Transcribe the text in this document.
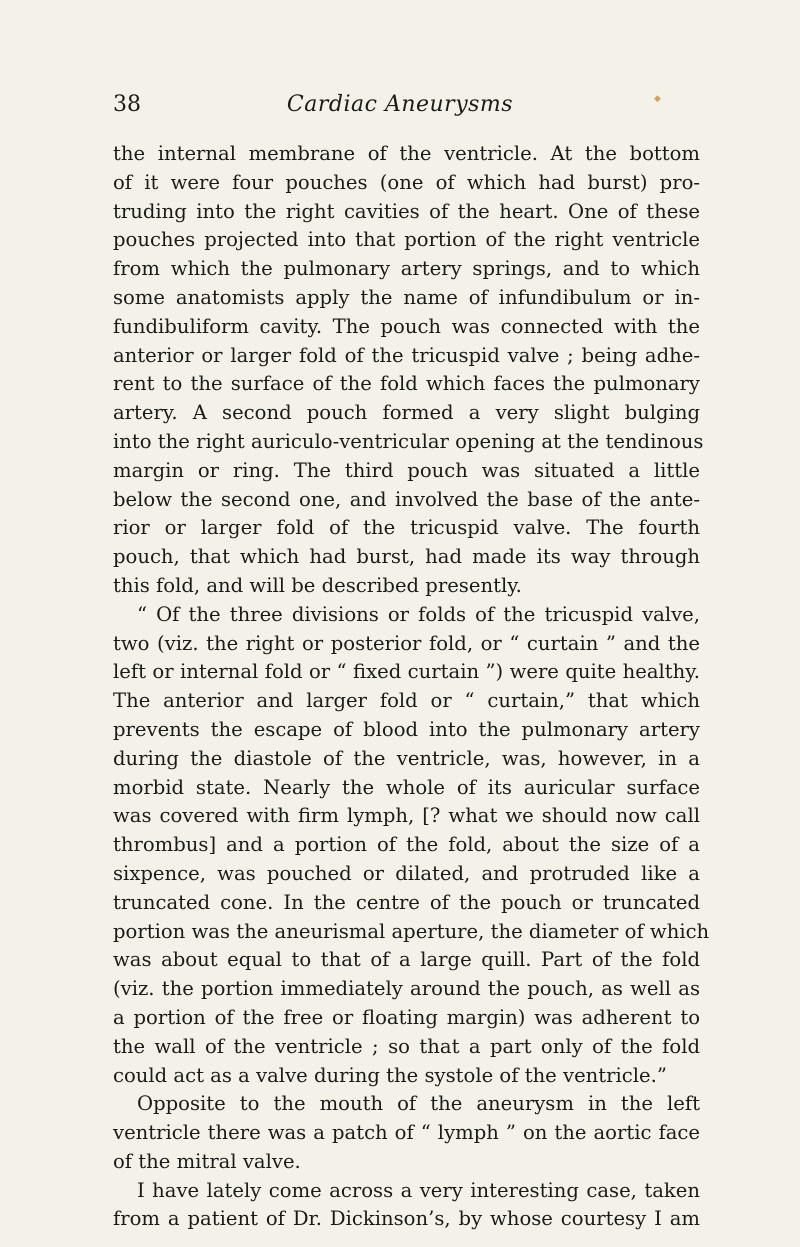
38	Cardiac Aneurysms	◆
the internal membrane of the ventricle. At the bottom
of it were four pouches (one of which had burst) pro-
truding into the right cavities of the heart. One of these
pouches projected into that portion of the right ventricle
from which the pulmonary artery springs, and to which
some anatomists apply the name of infundibulum or in-
fundibuliform cavity. The pouch was connected with the
anterior or larger fold of the tricuspid valve ; being adhe-
rent to the surface of the fold which faces the pulmonary
artery. A second pouch formed a very slight bulging
into the right auriculo-ventricular opening at the tendinous
margin or ring. The third pouch was situated a little
below the second one, and involved the base of the ante-
rior or larger fold of the tricuspid valve. The fourth
pouch, that which had burst, had made its way through
this fold, and will be described presently.
“ Of the three divisions or folds of the tricuspid valve,
two (viz. the right or posterior fold, or “ curtain ” and the
left or internal fold or “ fixed curtain ”) were quite healthy.
The anterior and larger fold or “ curtain,” that which
prevents the escape of blood into the pulmonary artery
during the diastole of the ventricle, was, however, in a
morbid state. Nearly the whole of its auricular surface
was covered with firm lymph, [? what we should now call
thrombus] and a portion of the fold, about the size of a
sixpence, was pouched or dilated, and protruded like a
truncated cone. In the centre of the pouch or truncated
portion was the aneurismal aperture, the diameter of which
was about equal to that of a large quill. Part of the fold
(viz. the portion immediately around the pouch, as well as
a portion of the free or floating margin) was adherent to
the wall of the ventricle ; so that a part only of the fold
could act as a valve during the systole of the ventricle.”
Opposite to the mouth of the aneurysm in the left
ventricle there was a patch of “ lymph ” on the aortic face
of the mitral valve.
I have lately come across a very interesting case, taken
from a patient of Dr. Dickinson’s, by whose courtesy I am
